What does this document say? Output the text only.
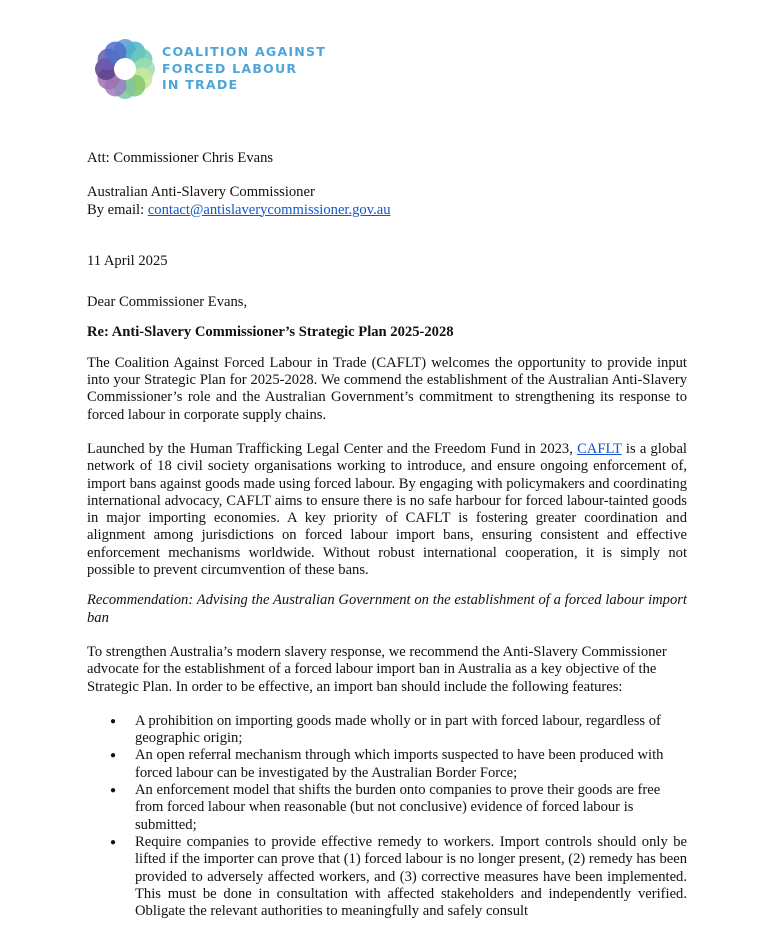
COALITION AGAINST
FORCED LABOUR
IN TRADE

Att: Commissioner Chris Evans

Australian Anti-Slavery Commissioner

By email: contact@antislaverycommissioner.gov.au

11 April 2025

Dear Commissioner Evans,

Re: Anti-Slavery Commissioner’s Strategic Plan 2025-2028

The Coalition Against Forced Labour in Trade (CAFLT) welcomes the opportunity to provide input into your Strategic Plan for 2025-2028. We commend the establishment of the Australian Anti-Slavery Commissioner’s role and the Australian Government’s commitment to strengthening its response to forced labour in corporate supply chains.

Launched by the Human Trafficking Legal Center and the Freedom Fund in 2023, CAFLT is a global network of 18 civil society organisations working to introduce, and ensure ongoing enforcement of, import bans against goods made using forced labour. By engaging with policymakers and coordinating international advocacy, CAFLT aims to ensure there is no safe harbour for forced labour-tainted goods in major importing economies. A key priority of CAFLT is fostering greater coordination and alignment among jurisdictions on forced labour import bans, ensuring consistent and effective enforcement mechanisms worldwide. Without robust international cooperation, it is simply not possible to prevent circumvention of these bans.

Recommendation: Advising the Australian Government on the establishment of a forced labour import ban

To strengthen Australia’s modern slavery response, we recommend the Anti-Slavery Commissioner advocate for the establishment of a forced labour import ban in Australia as a key objective of the Strategic Plan. In order to be effective, an import ban should include the following features:

● A prohibition on importing goods made wholly or in part with forced labour, regardless of geographic origin;
● An open referral mechanism through which imports suspected to have been produced with forced labour can be investigated by the Australian Border Force;
● An enforcement model that shifts the burden onto companies to prove their goods are free from forced labour when reasonable (but not conclusive) evidence of forced labour is submitted;
● Require companies to provide effective remedy to workers. Import controls should only be lifted if the importer can prove that (1) forced labour is no longer present, (2) remedy has been provided to adversely affected workers, and (3) corrective measures have been implemented. This must be done in consultation with affected stakeholders and independently verified. Obligate the relevant authorities to meaningfully and safely consult
